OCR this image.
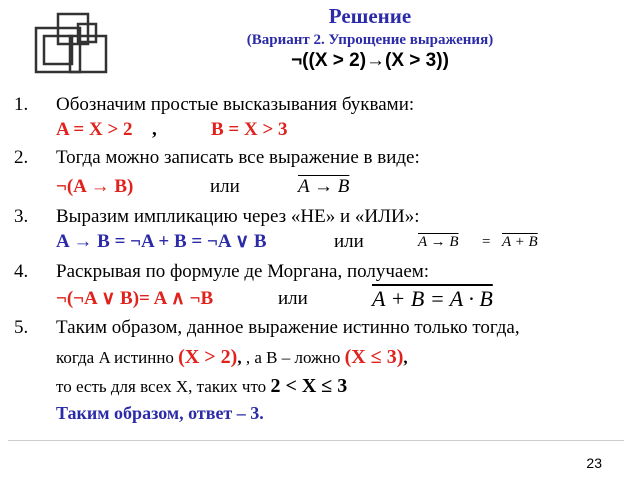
Решение
(Вариант 2. Упрощение выражения)
¬((X > 2)→(X > 3))
1. Обозначим простые высказывания буквами:
A = X > 2 ,	B = X > 3
2. Тогда можно записать все выражение в виде:
¬(A → B)	или	A → B
3. Выразим импликацию через «НЕ» и «ИЛИ»:
A → B = ¬A + B = ¬A ∨ B	или	A → B = A + B
4. Раскрывая по формуле де Моргана, получаем:
¬(¬A ∨ B)= A ∧ ¬B	или	A + B = A · B
5. Таким образом, данное выражение истинно только тогда,
когда A истинно (X > 2), , а B – ложно (X ≤ 3),
то есть для всех X, таких что 2 < X ≤ 3
Таким образом, ответ – 3.
23
